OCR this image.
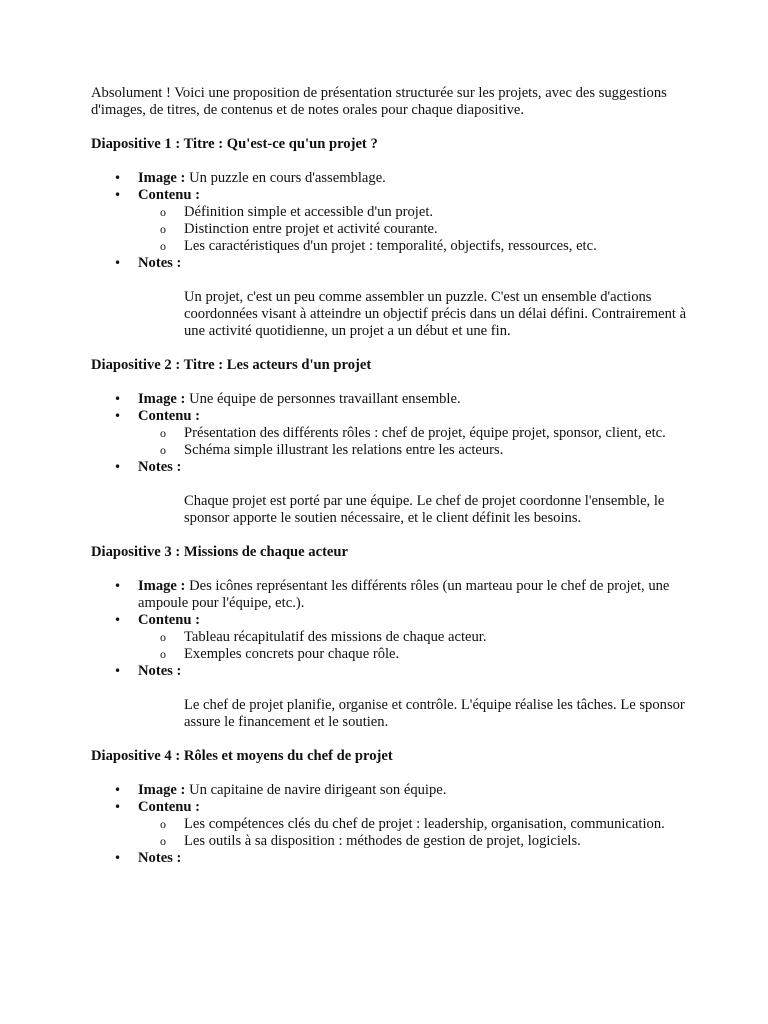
Absolument ! Voici une proposition de présentation structurée sur les projets, avec des suggestions d'images, de titres, de contenus et de notes orales pour chaque diapositive.

Diapositive 1 : Titre : Qu'est-ce qu'un projet ?

• Image : Un puzzle en cours d'assemblage.
• Contenu :
o Définition simple et accessible d'un projet.
o Distinction entre projet et activité courante.
o Les caractéristiques d'un projet : temporalité, objectifs, ressources, etc.
• Notes :

Un projet, c'est un peu comme assembler un puzzle. C'est un ensemble d'actions coordonnées visant à atteindre un objectif précis dans un délai défini. Contrairement à une activité quotidienne, un projet a un début et une fin.

Diapositive 2 : Titre : Les acteurs d'un projet

• Image : Une équipe de personnes travaillant ensemble.
• Contenu :
o Présentation des différents rôles : chef de projet, équipe projet, sponsor, client, etc.
o Schéma simple illustrant les relations entre les acteurs.
• Notes :

Chaque projet est porté par une équipe. Le chef de projet coordonne l'ensemble, le sponsor apporte le soutien nécessaire, et le client définit les besoins.

Diapositive 3 : Missions de chaque acteur

• Image : Des icônes représentant les différents rôles (un marteau pour le chef de projet, une ampoule pour l'équipe, etc.).
• Contenu :
o Tableau récapitulatif des missions de chaque acteur.
o Exemples concrets pour chaque rôle.
• Notes :

Le chef de projet planifie, organise et contrôle. L'équipe réalise les tâches. Le sponsor assure le financement et le soutien.

Diapositive 4 : Rôles et moyens du chef de projet

• Image : Un capitaine de navire dirigeant son équipe.
• Contenu :
o Les compétences clés du chef de projet : leadership, organisation, communication.
o Les outils à sa disposition : méthodes de gestion de projet, logiciels.
• Notes :
